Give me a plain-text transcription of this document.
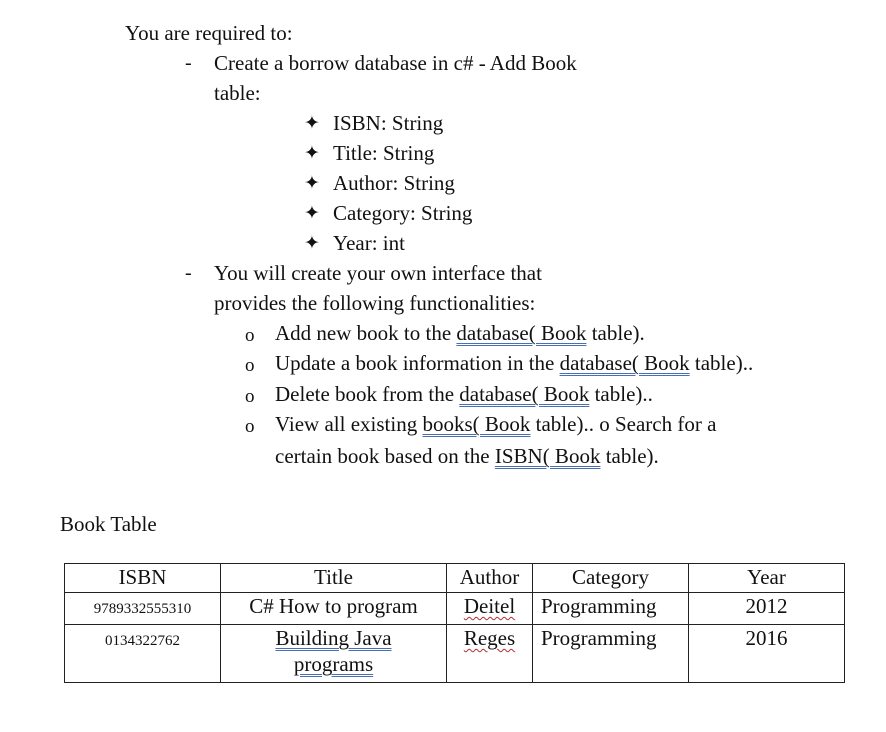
You are required to:
- Create a borrow database in c# - Add Book
table:
✦ ISBN: String
✦ Title: String
✦ Author: String
✦ Category: String
✦ Year: int
- You will create your own interface that
provides the following functionalities:
o Add new book to the database( Book table).
o Update a book information in the database( Book table)..
o Delete book from the database( Book table)..
o View all existing books( Book table).. o Search for a
certain book based on the ISBN( Book table).
Book Table
ISBN	Title	Author	Category	Year
9789332555310	C# How to program	Deitel	Programming	2012
0134322762	Building Java
programs	Reges	Programming	2016
